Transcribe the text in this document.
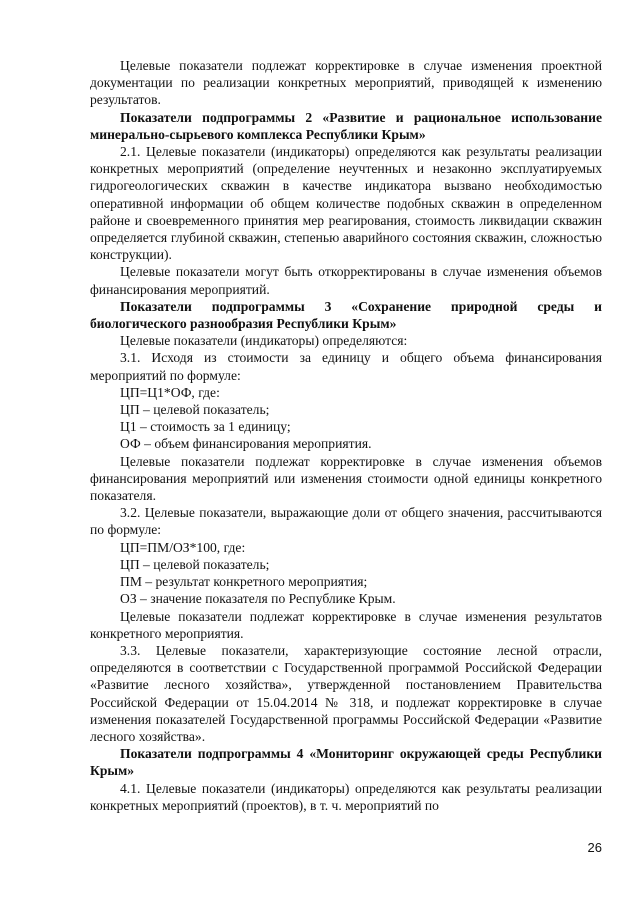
Целевые показатели подлежат корректировке в случае изменения проектной документации по реализации конкретных мероприятий, приводящей к изменению результатов.

Показатели подпрограммы 2 «Развитие и рациональное использование минерально-сырьевого комплекса Республики Крым»

2.1. Целевые показатели (индикаторы) определяются как результаты реализации конкретных мероприятий (определение неучтенных и незаконно эксплуатируемых гидрогеологических скважин в качестве индикатора вызвано необходимостью оперативной информации об общем количестве подобных скважин в определенном районе и своевременного принятия мер реагирования, стоимость ликвидации скважин определяется глубиной скважин, степенью аварийного состояния скважин, сложностью конструкции).

Целевые показатели могут быть откорректированы в случае изменения объемов финансирования мероприятий.

Показатели подпрограммы 3 «Сохранение природной среды и биологического разнообразия Республики Крым»

Целевые показатели (индикаторы) определяются:

3.1. Исходя из стоимости за единицу и общего объема финансирования мероприятий по формуле:

ЦП=Ц1*ОФ, где:

ЦП – целевой показатель;

Ц1 – стоимость за 1 единицу;

ОФ – объем финансирования мероприятия.

Целевые показатели подлежат корректировке в случае изменения объемов финансирования мероприятий или изменения стоимости одной единицы конкретного показателя.

3.2. Целевые показатели, выражающие доли от общего значения, рассчитываются по формуле:

ЦП=ПМ/ОЗ*100, где:

ЦП – целевой показатель;

ПМ – результат конкретного мероприятия;

ОЗ – значение показателя по Республике Крым.

Целевые показатели подлежат корректировке в случае изменения результатов конкретного мероприятия.

3.3. Целевые показатели, характеризующие состояние лесной отрасли, определяются в соответствии с Государственной программой Российской Федерации «Развитие лесного хозяйства», утвержденной постановлением Правительства Российской Федерации от 15.04.2014 № 318, и подлежат корректировке в случае изменения показателей Государственной программы Российской Федерации «Развитие лесного хозяйства».

Показатели подпрограммы 4 «Мониторинг окружающей среды Республики Крым»

4.1. Целевые показатели (индикаторы) определяются как результаты реализации конкретных мероприятий (проектов), в т. ч. мероприятий по

26
